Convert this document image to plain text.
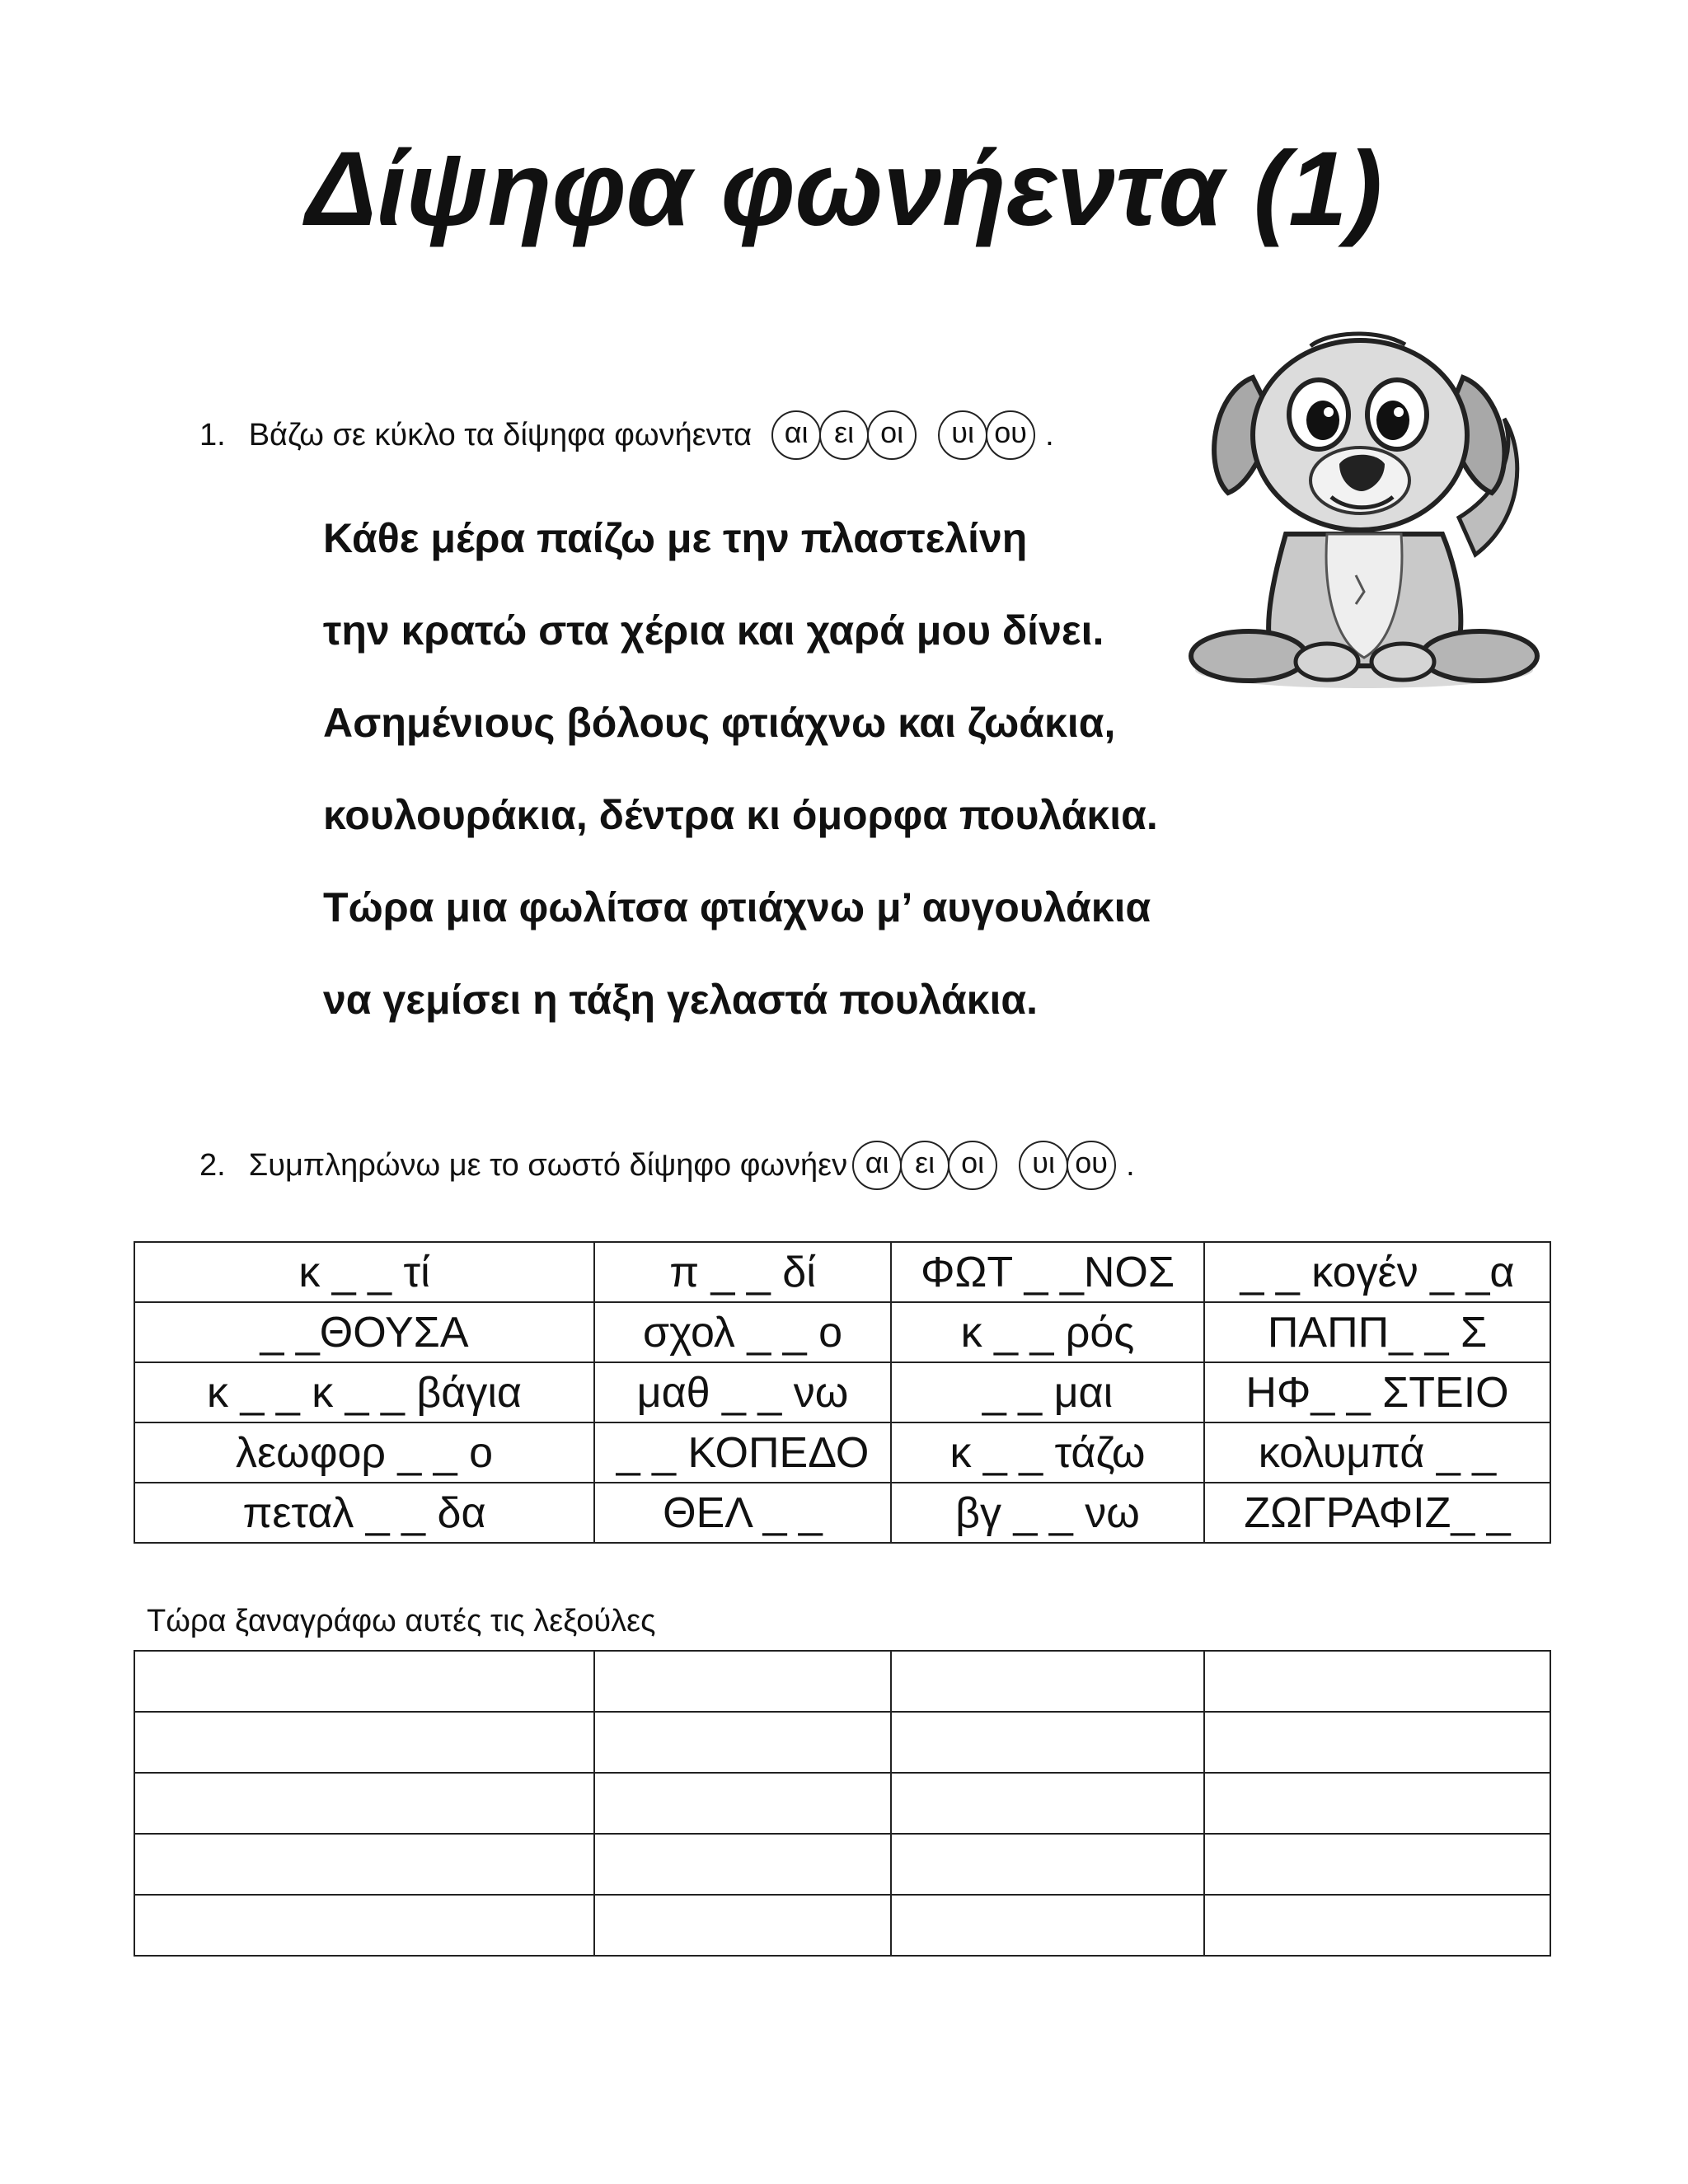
Δίψηφα φωνήεντα (1)
1. Βάζω σε κύκλο τα δίψηφα φωνήεντα	αι ει οι	υι ου .
Κάθε μέρα παίζω με την πλαστελίνη
την κρατώ στα χέρια και χαρά μου δίνει.
Ασημένιους βόλους φτιάχνω και ζωάκια,
κουλουράκια, δέντρα κι όμορφα πουλάκια.
Τώρα μια φωλίτσα φτιάχνω μ’ αυγουλάκια
να γεμίσει η τάξη γελαστά πουλάκια.
2. Συμπληρώνω με το σωστό δίψηφο φωνήεν αι ει οι	υι ου .
κ _ _ τί	π _ _ δί	ΦΩΤ _ _ΝΟΣ	_ _ κογέν _ _α
_ _ΘΟΥΣΑ	σχολ _ _ ο	κ _ _ ρός	ΠΑΠΠ_ _ Σ
κ _ _ κ _ _ βάγια	μαθ _ _ νω	_ _ μαι	ΗΦ_ _ ΣΤΕΙΟ
λεωφορ _ _ ο	_ _ ΚΟΠΕΔΟ	κ _ _ τάζω	κολυμπά _ _
πεταλ _ _ δα	ΘΕΛ _ _	βγ _ _ νω	ΖΩΓΡΑΦΙΖ_ _
Τώρα ξαναγράφω αυτές τις λεξούλες
